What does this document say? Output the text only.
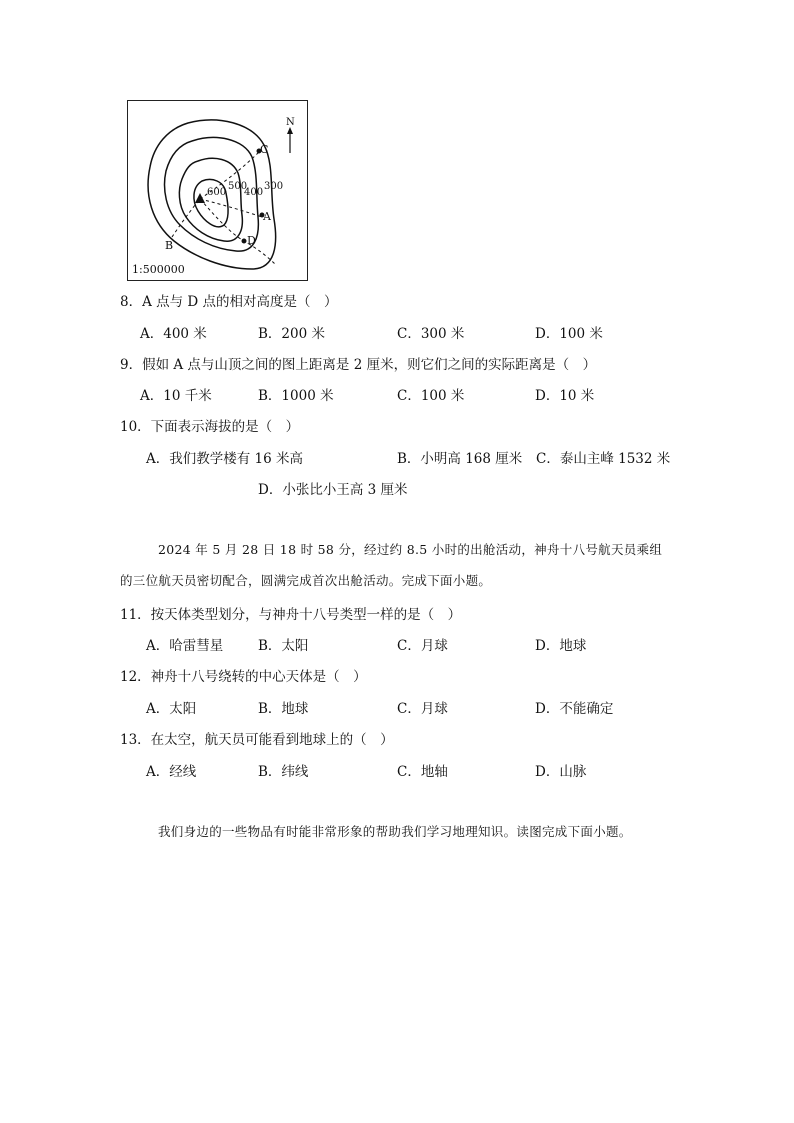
C
A
B	D
600
500
400
300
N
1:500000
8．A 点与 D 点的相对高度是（　）
A．400 米	B．200 米	C．300 米	D．100 米
9．假如 A 点与山顶之间的图上距离是 2 厘米，则它们之间的实际距离是（　）
A．10 千米	B．1000 米	C．100 米	D．10 米
10．下面表示海拔的是（　）
A．我们教学楼有 16 米高	B．小明高 168 厘米 C．泰山主峰 1532 米
D．小张比小王高 3 厘米
2024 年 5 月 28 日 18 时 58 分，经过约 8.5 小时的出舱活动，神舟十八号航天员乘组
的三位航天员密切配合，圆满完成首次出舱活动。完成下面小题。
11．按天体类型划分，与神舟十八号类型一样的是（　）
A．哈雷彗星	B．太阳	C．月球	D．地球
12．神舟十八号绕转的中心天体是（　）
A．太阳	B．地球	C．月球	D．不能确定
13．在太空，航天员可能看到地球上的（　）
A．经线	B．纬线	C．地轴	D．山脉
我们身边的一些物品有时能非常形象的帮助我们学习地理知识。读图完成下面小题。
